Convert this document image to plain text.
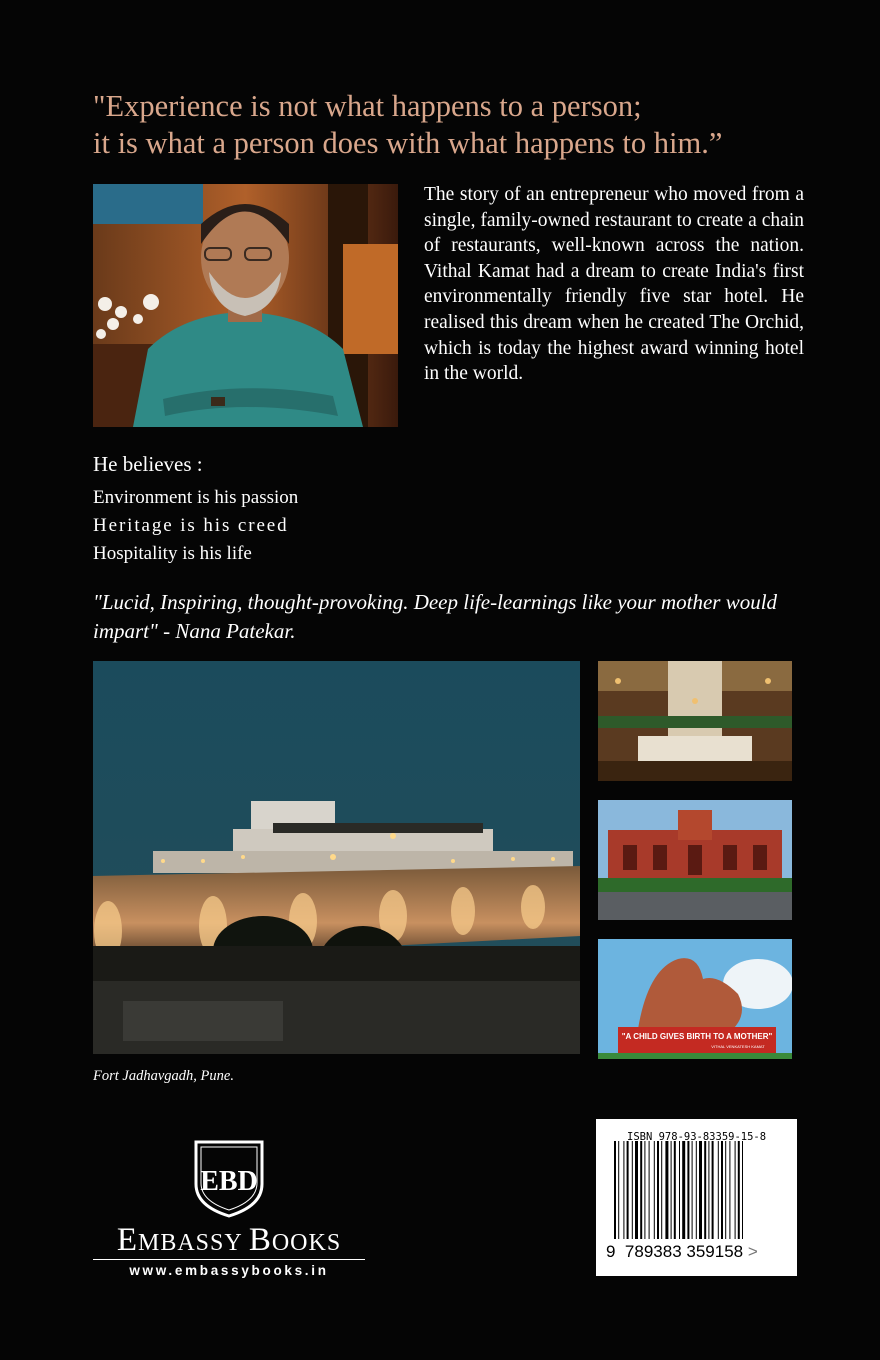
"Experience is not what happens to a person;
it is what a person does with what happens to him.”
The story of an entrepreneur who moved from a single, family-owned restaurant to create a chain of restaurants, well-known across the nation. Vithal Kamat had a dream to create India's first environmentally friendly five star hotel. He realised this dream when he created The Orchid, which is today the highest award winning hotel in the world.
He believes :
Environment is his passion
Heritage is his creed
Hospitality is his life
"Lucid, Inspiring, thought-provoking. Deep life-learnings like your mother would impart" - Nana Patekar.
Fort Jadhavgadh, Pune.
"A CHILD GIVES BIRTH TO A MOTHER"
VITHAL VENKATESH KAMAT
EBD
EMBASSY BOOKS
www.embassybooks.in
ISBN 978-93-83359-15-8
9 789383 359158 >
